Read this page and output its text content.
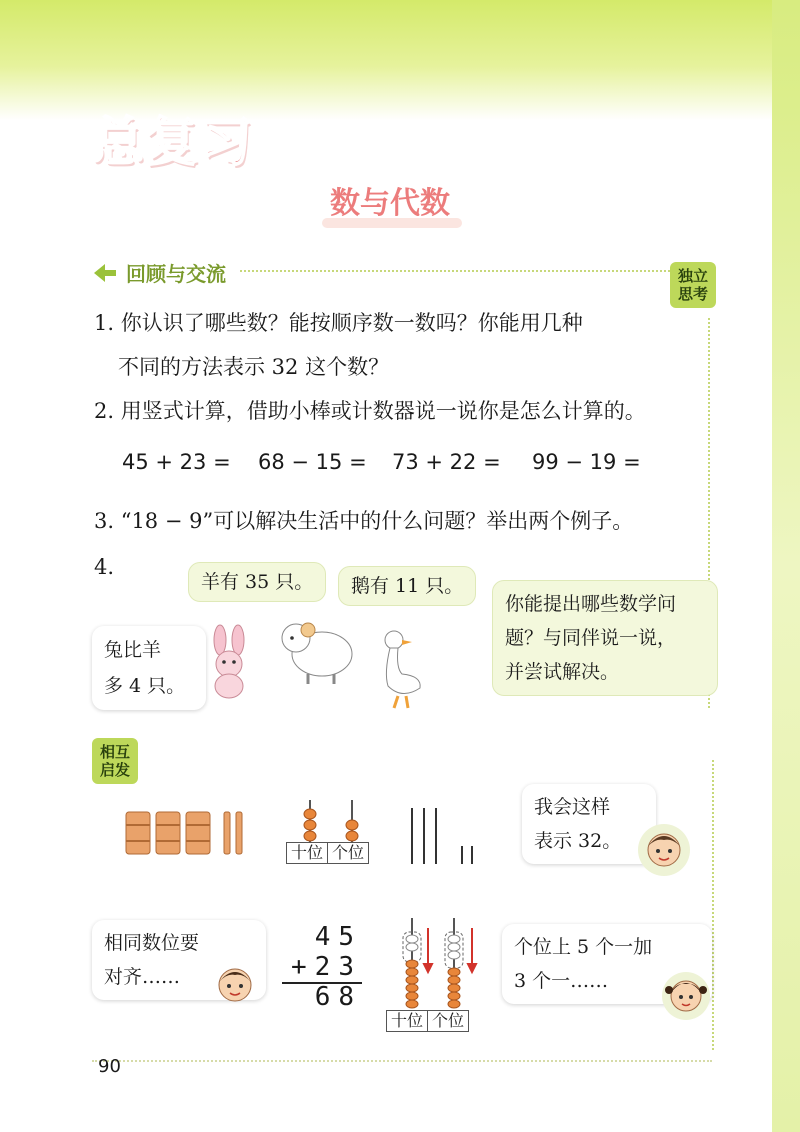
总复习
数与代数
回顾与交流	独立
思考
1. 你认识了哪些数？能按顺序数一数吗？你能用几种
不同的方法表示 32 这个数？
2. 用竖式计算，借助小棒或计数器说一说你是怎么计算的。
45 + 23 = 68 − 15 = 73 + 22 = 99 − 19 =
3. “18 − 9”可以解决生活中的什么问题？举出两个例子。
4.
羊有 35 只。	鹅有 11 只。
兔比羊
多 4 只。
你能提出哪些数学问
题？与同伴说一说，
并尝试解决。
相互
启发
十位 个位
我会这样
表示 32。
相同数位要
对齐……
45
+23
68
十位 个位
个位上 5 个一加
3 个一……
90
